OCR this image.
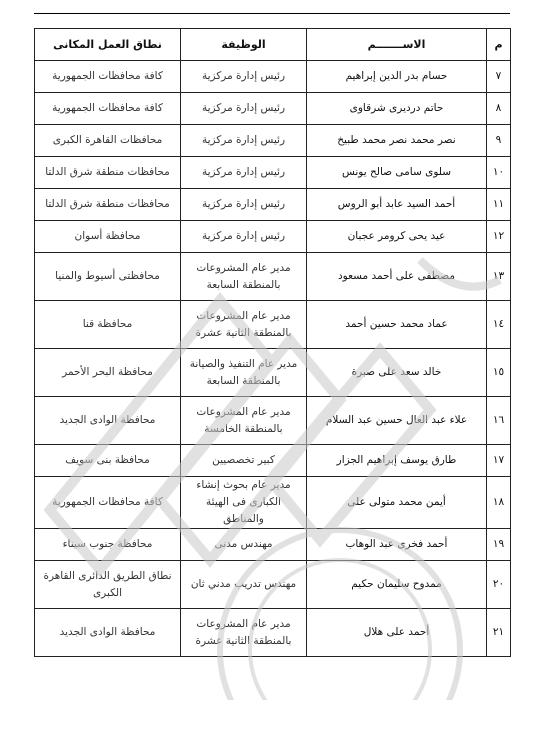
م	الاســـــــم	الوظيفة	نطاق العمل المكانى
٧	حسام بدر الدين إبراهيم	رئيس إدارة مركزية	كافة محافظات الجمهورية
٨	حاتم درديرى شرقاوى	رئيس إدارة مركزية	كافة محافظات الجمهورية
٩	نصر محمد نصر محمد طبيخ	رئيس إدارة مركزية	محافظات القاهرة الكبرى
١٠	سلوى سامى صالح يونس	رئيس إدارة مركزية	محافظات منطقة شرق الدلتا
١١	أحمد السيد عابد أبو الروس	رئيس إدارة مركزية	محافظات منطقة شرق الدلتا
١٢	عيد يحى كرومر عجبان	رئيس إدارة مركزية	محافظة أسوان
١٣	مصطفى على أحمد مسعود	مدير عام المشروعات بالمنطقة السابعة	محافظتى أسيوط والمنيا
١٤	عماد محمد حسين أحمد	مدير عام المشروعات بالمنطقة الثانية عشرة	محافظة قنا
١٥	خالد سعد على صبرة	مدير عام التنفيذ والصيانة بالمنطقة السابعة	محافظة البحر الأحمر
١٦	علاء عبد العال حسين عبد السلام	مدير عام المشروعات بالمنطقة الخامسة	محافظة الوادى الجديد
١٧	طارق يوسف إبراهيم الجزار	كبير تخصصيين	محافظة بنى سويف
١٨	أيمن محمد متولى على	مدير عام بحوث إنشاء الكبارى فى الهيئة والمناطق	كافة محافظات الجمهورية
١٩	أحمد فخرى عبد الوهاب	مهندس مدنى	محافظة جنوب سيناء
٢٠	ممدوح سليمان حكيم	مهندس تدريب مدني ثان	نطاق الطريق الدائرى القاهرة الكبرى
٢١	أحمد على هلال	مدير عام المشروعات بالمنطقة الثانية عشرة	محافظة الوادى الجديد
